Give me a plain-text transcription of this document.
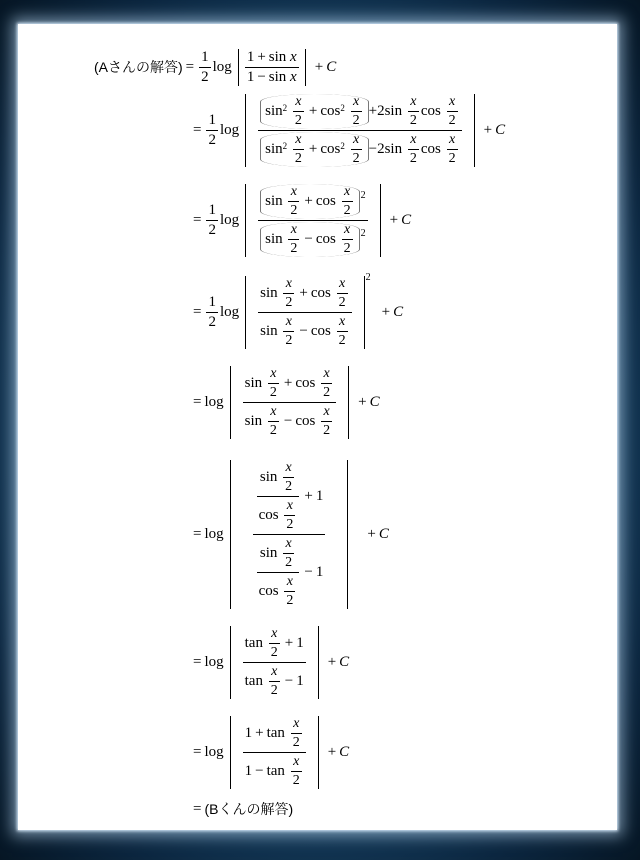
(Aさんの解答) = $\frac{1}{2}$ log 1 + sin
x
1 − sin
x + C
= $\frac{1}{2}$ log sin 2
$\frac{x}{2} + \cos 2$
$\frac{x}{2} + 2$ sin
$\frac{x}{2}$ cos
$\frac{x}{2}$
sin 2
$\frac{x}{2} + \cos 2$
$\frac{x}{2} - 2$ sin
$\frac{x}{2}$ cos
$\frac{x}{2} + C$
= $\frac{1}{2}$ log sin
$\frac{x}{2} + \cos$
$\frac{x}{2} 2$
sin
$\frac{x}{2} - \cos$
$\frac{x}{2} 2 + C$
= $\frac{1}{2}$ log sin
$\frac{x}{2} + \cos$
$\frac{x}{2}$
sin
$\frac{x}{2} - \cos$
$\frac{x}{2} 2$
+ C
= log sin
$\frac{x}{2} + \cos$
$\frac{x}{2}$
sin
$\frac{x}{2} - \cos$
$\frac{x}{2} + C$
= log sin
$\frac{x}{2}$
cos
$\frac{x}{2} + 1$
sin
$\frac{x}{2}$
cos
$\frac{x}{2} - 1$	+ C
= log tan
$\frac{x}{2} + 1$
tan
$\frac{x}{2} - 1 + C$
= log 1 + tan
$\frac{x}{2}$
1 − tan
$\frac{x}{2} + C$
= (Bくんの解答)
